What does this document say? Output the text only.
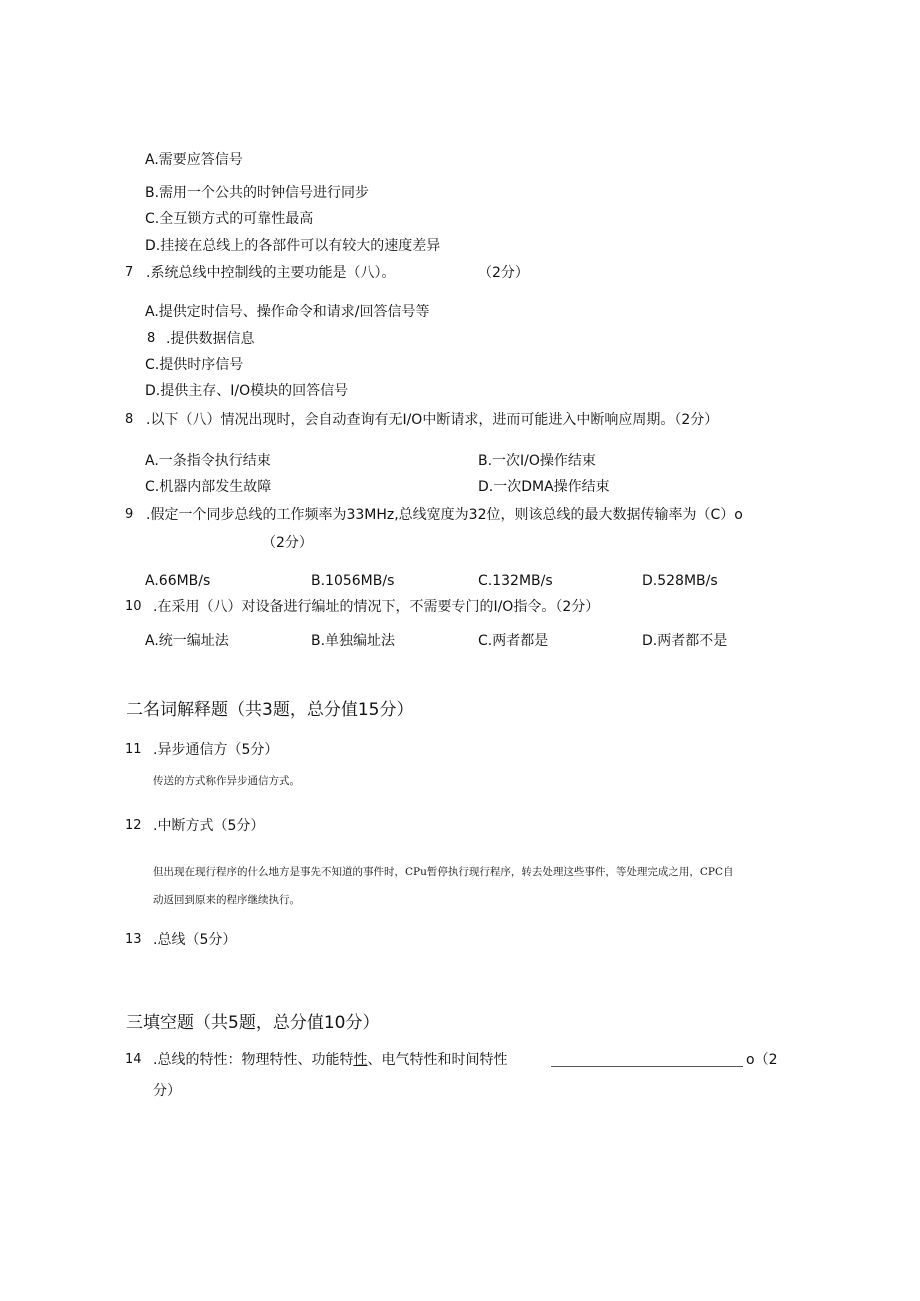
A.需要应答信号
B.需用一个公共的时钟信号进行同步
C.全互锁方式的可靠性最高
D.挂接在总线上的各部件可以有较大的速度差异
7 .系统总线中控制线的主要功能是（八）。	（2分）
A.提供定时信号、操作命令和请求/回答信号等
8 .提供数据信息
C.提供时序信号
D.提供主存、I/O模块的回答信号
8 .以下（八）情况出现时，会自动查询有无I/O中断请求，进而可能进入中断响应周期。（2分）
A.一条指令执行结束	B.一次I/O操作结束
C.机器内部发生故障	D.一次DMA操作结束
9 .假定一个同步总线的工作频率为33MHz,总线宽度为32位，则该总线的最大数据传输率为（C）o
（2分）
A.66MB∕s	B.1056MB∕s	C.132MB∕s	D.528MB∕s
10 .在采用（八）对设备进行编址的情况下，不需要专门的I/O指令。（2分）
A.统一编址法	B.单独编址法	C.两者都是	D.两者都不是
二名词解释题（共3题，总分值15分）
11 .异步通信方（5分）
传送的方式称作异步通信方式。
12 .中断方式（5分）
但出现在现行程序的什么地方是事先不知道的事件时，CPu暂停执行现行程序，转去处理这些事件，等处理完成之用，CPC自
动返回到原来的程序继续执行。
13 .总线（5分）
三填空题（共5题，总分值10分）
14 .总线的特性：物理特性、功能特性、电气特性和时间特性	o（2
分）
